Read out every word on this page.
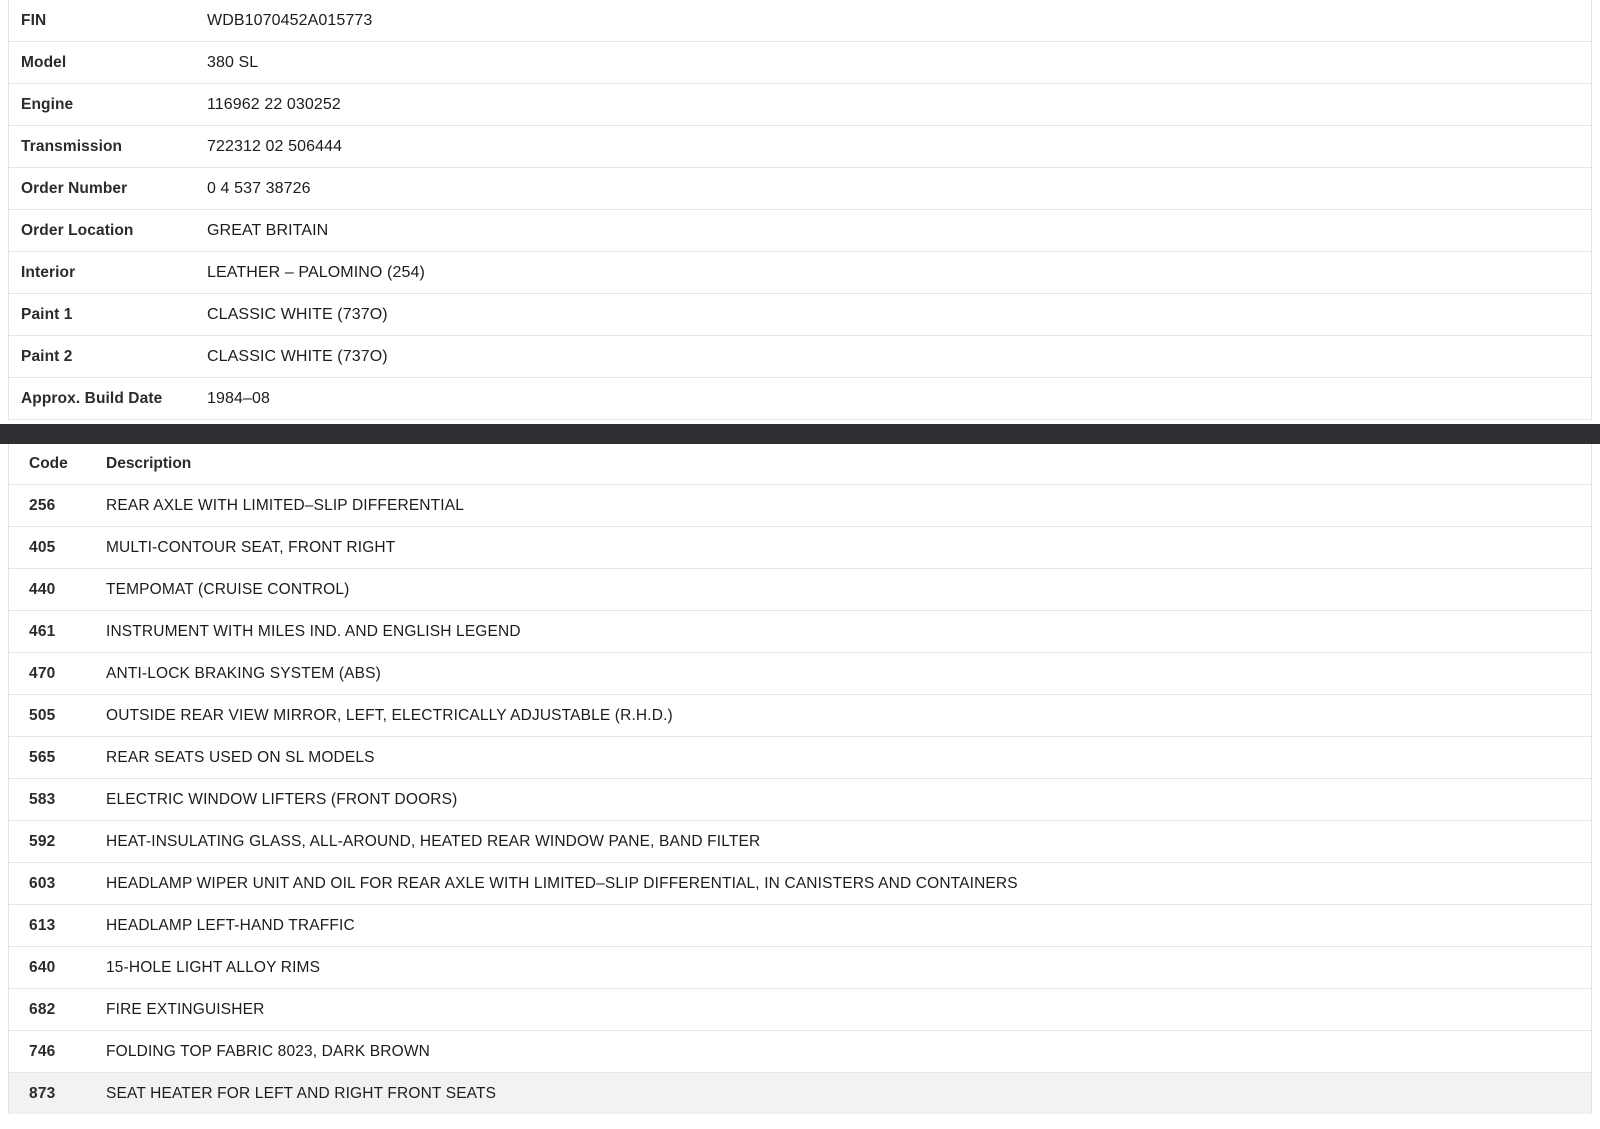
FIN	WDB1070452A015773
Model	380 SL
Engine	116962 22 030252
Transmission	722312 02 506444
Order Number	0 4 537 38726
Order Location	GREAT BRITAIN
Interior	LEATHER – PALOMINO (254)
Paint 1	CLASSIC WHITE (737O)
Paint 2	CLASSIC WHITE (737O)
Approx. Build Date	1984–08
Code	Description
256	REAR AXLE WITH LIMITED–SLIP DIFFERENTIAL
405	MULTI-CONTOUR SEAT, FRONT RIGHT
440	TEMPOMAT (CRUISE CONTROL)
461	INSTRUMENT WITH MILES IND. AND ENGLISH LEGEND
470	ANTI-LOCK BRAKING SYSTEM (ABS)
505	OUTSIDE REAR VIEW MIRROR, LEFT, ELECTRICALLY ADJUSTABLE (R.H.D.)
565	REAR SEATS USED ON SL MODELS
583	ELECTRIC WINDOW LIFTERS (FRONT DOORS)
592	HEAT-INSULATING GLASS, ALL-AROUND, HEATED REAR WINDOW PANE, BAND FILTER
603	HEADLAMP WIPER UNIT AND OIL FOR REAR AXLE WITH LIMITED–SLIP DIFFERENTIAL, IN CANISTERS AND CONTAINERS
613	HEADLAMP LEFT-HAND TRAFFIC
640	15-HOLE LIGHT ALLOY RIMS
682	FIRE EXTINGUISHER
746	FOLDING TOP FABRIC 8023, DARK BROWN
873	SEAT HEATER FOR LEFT AND RIGHT FRONT SEATS
